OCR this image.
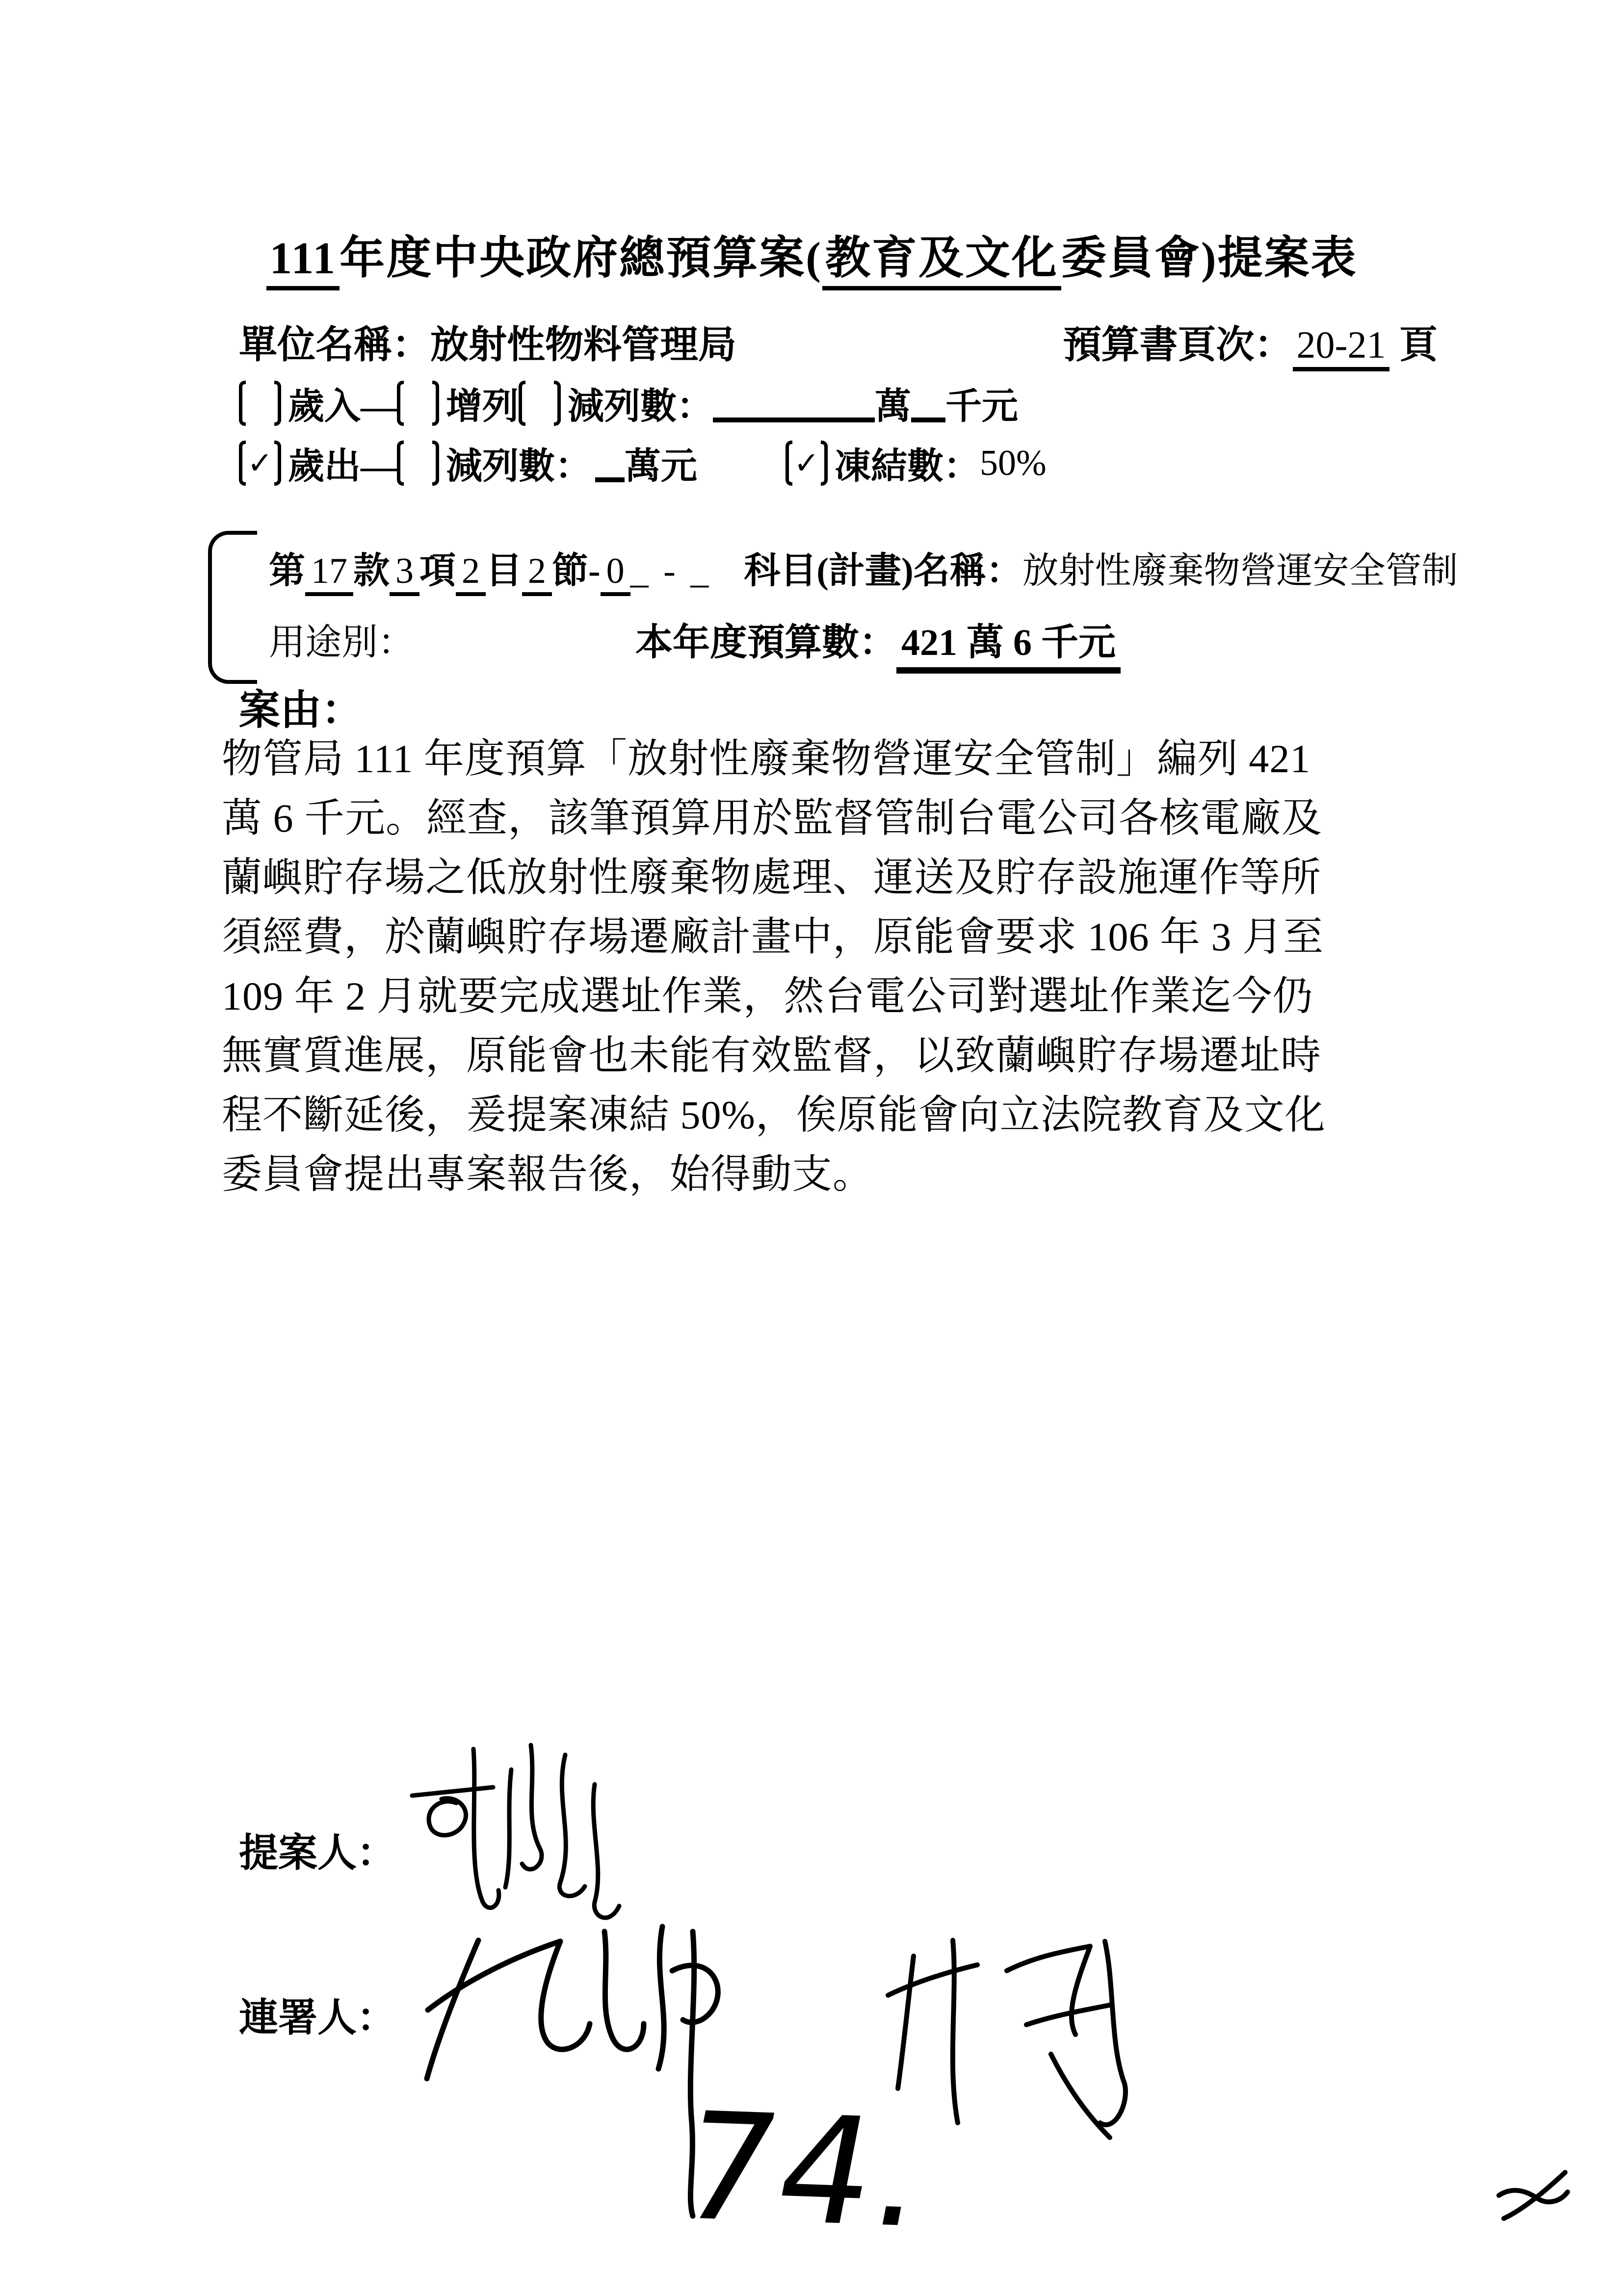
111年度中央政府總預算案(教育及文化委員會)提案表
單位名稱：放射性物料管理局	預算書頁次： 20-21 頁
歲入— 增列 減列數：	萬 千元
✓ 歲出— 減列數： 萬元	✓ 凍結數： 50%
第 17 款 3 項 2 目 2 節- 0 _ - _ 科目(計畫)名稱：放射性廢棄物營運安全管制
用途別：	本年度預算數： 421 萬 6 千元
案由：
物管局 111 年度預算「放射性廢棄物營運安全管制」編列 421
萬 6 千元。經查，該筆預算用於監督管制台電公司各核電廠及
蘭嶼貯存場之低放射性廢棄物處理、運送及貯存設施運作等所
須經費，於蘭嶼貯存場遷廠計畫中，原能會要求 106 年 3 月至
109 年 2 月就要完成選址作業，然台電公司對選址作業迄今仍
無實質進展，原能會也未能有效監督，以致蘭嶼貯存場遷址時
程不斷延後，爰提案凍結 50%，俟原能會向立法院教育及文化
委員會提出專案報告後，始得動支。
提案人：
連署人：
74.
